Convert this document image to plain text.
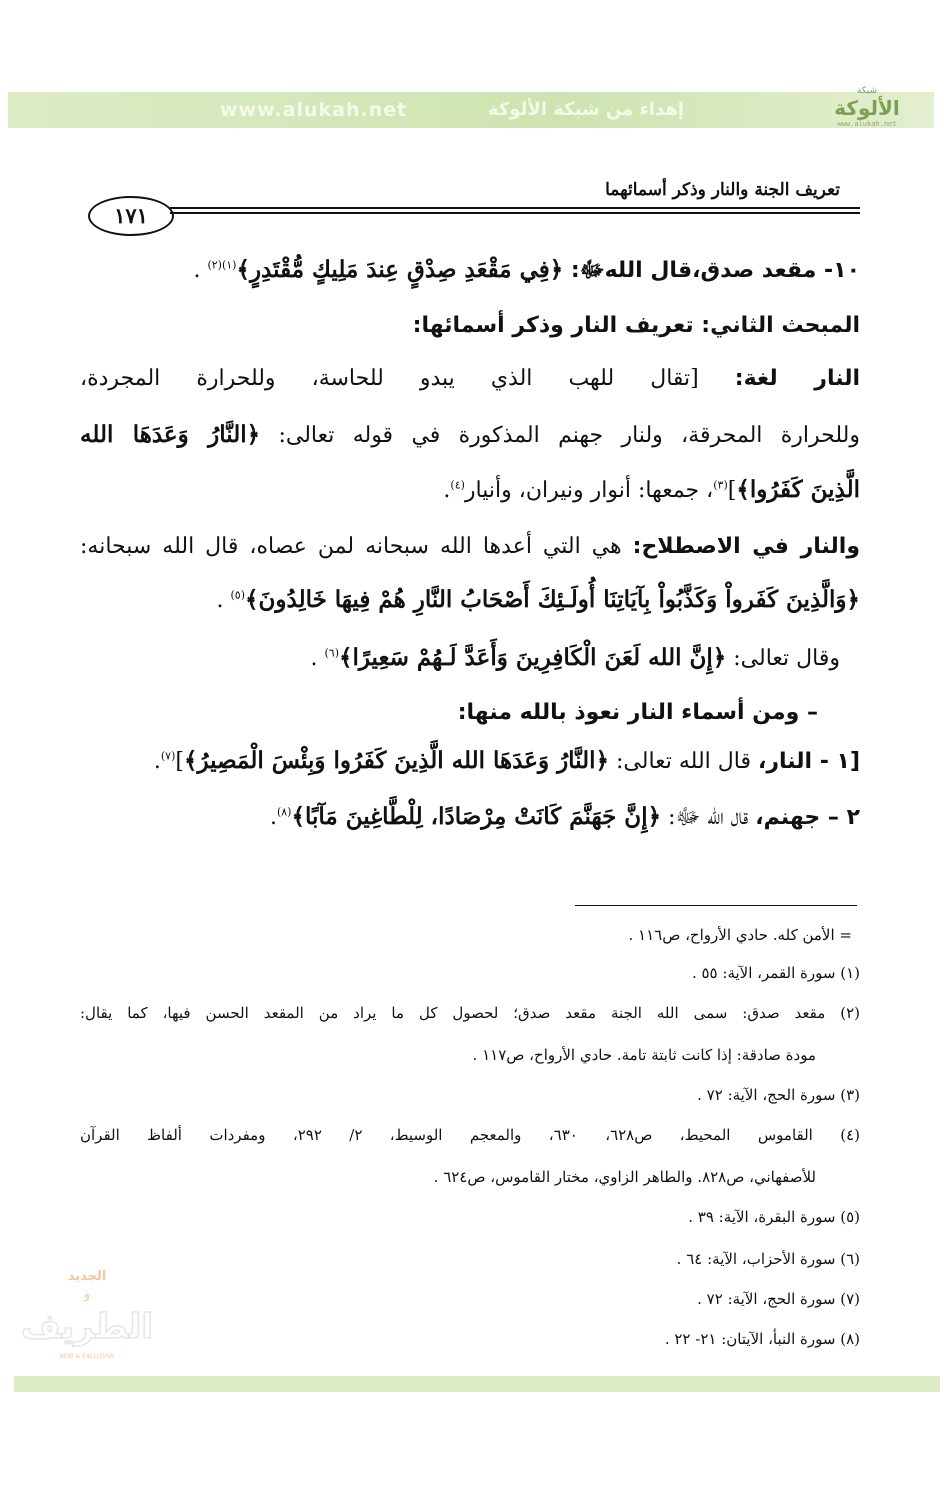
www.alukah.net	إهداء من شبكة الألوكة
شبكة
الألوكة
www.alukah.net
تعريف الجنة والنار وذكر أسمائهما
١٧١
١٠- مقعد صدق،قال اللهﷻ: ﴿فِي مَقْعَدِ صِدْقٍ عِندَ مَلِيكٍ مُّقْتَدِرٍ﴾$^{(١)(٢)}$ .
المبحث الثاني: تعريف النار وذكر أسمائها:
النار لغة: [تقال للهب الذي يبدو للحاسة، وللحرارة المجردة،
وللحرارة المحرقة، ولنار جهنم المذكورة في قوله تعالى: ﴿النَّارُ وَعَدَهَا الله
الَّذِينَ كَفَرُوا﴾]$^{(٣)}$، جمعها: أنوار ونيران، وأنيار$^{(٤)}$.
والنار في الاصطلاح: هي التي أعدها الله سبحانه لمن عصاه، قال الله سبحانه:
﴿وَالَّذِينَ كَفَرواْ وَكَذَّبُواْ بِآيَاتِنَا أُولَـئِكَ أَصْحَابُ النَّارِ هُمْ فِيهَا خَالِدُونَ﴾$^{(٥)}$ .
وقال تعالى: ﴿إِنَّ الله لَعَنَ الْكَافِرِينَ وَأَعَدَّ لَـهُمْ سَعِيرًا﴾$^{(٦)}$ .
– ومن أسماء النار نعوذ بالله منها:
[١ - النار، قال الله تعالى: ﴿النَّارُ وَعَدَهَا الله الَّذِينَ كَفَرُوا وَبِئْسَ الْمَصِيرُ﴾]$^{(٧)}$.
٢ – جهنم، قال الله ﷻ: ﴿إِنَّ جَهَنَّمَ كَانَتْ مِرْصَادًا، لِلْطَّاغِينَ مَآبًا﴾$^{(٨)}$.
= الأمن كله. حادي الأرواح، ص١١٦ .
(١) سورة القمر، الآية: ٥٥ .
(٢) مقعد صدق: سمى الله الجنة مقعد صدق؛ لحصول كل ما يراد من المقعد الحسن فيها، كما يقال:
مودة صادقة: إذا كانت ثابتة تامة. حادي الأرواح، ص١١٧ .
(٣) سورة الحج، الآية: ٧٢ .
(٤) القاموس المحيط، ص٦٢٨، ٦٣٠، والمعجم الوسيط، ٢/ ٢٩٢، ومفردات ألفاظ القرآن
للأصفهاني، ص٨٢٨. والطاهر الزاوي، مختار القاموس، ص٦٢٤ .
(٥) سورة البقرة، الآية: ٣٩ .
(٦) سورة الأحزاب، الآية: ٦٤ .
(٧) سورة الحج، الآية: ٧٢ .
(٨) سورة النبأ، الآيتان: ٢١- ٢٢ .
الجديد
و
الطريف
NEW & EXCLUSIVE
